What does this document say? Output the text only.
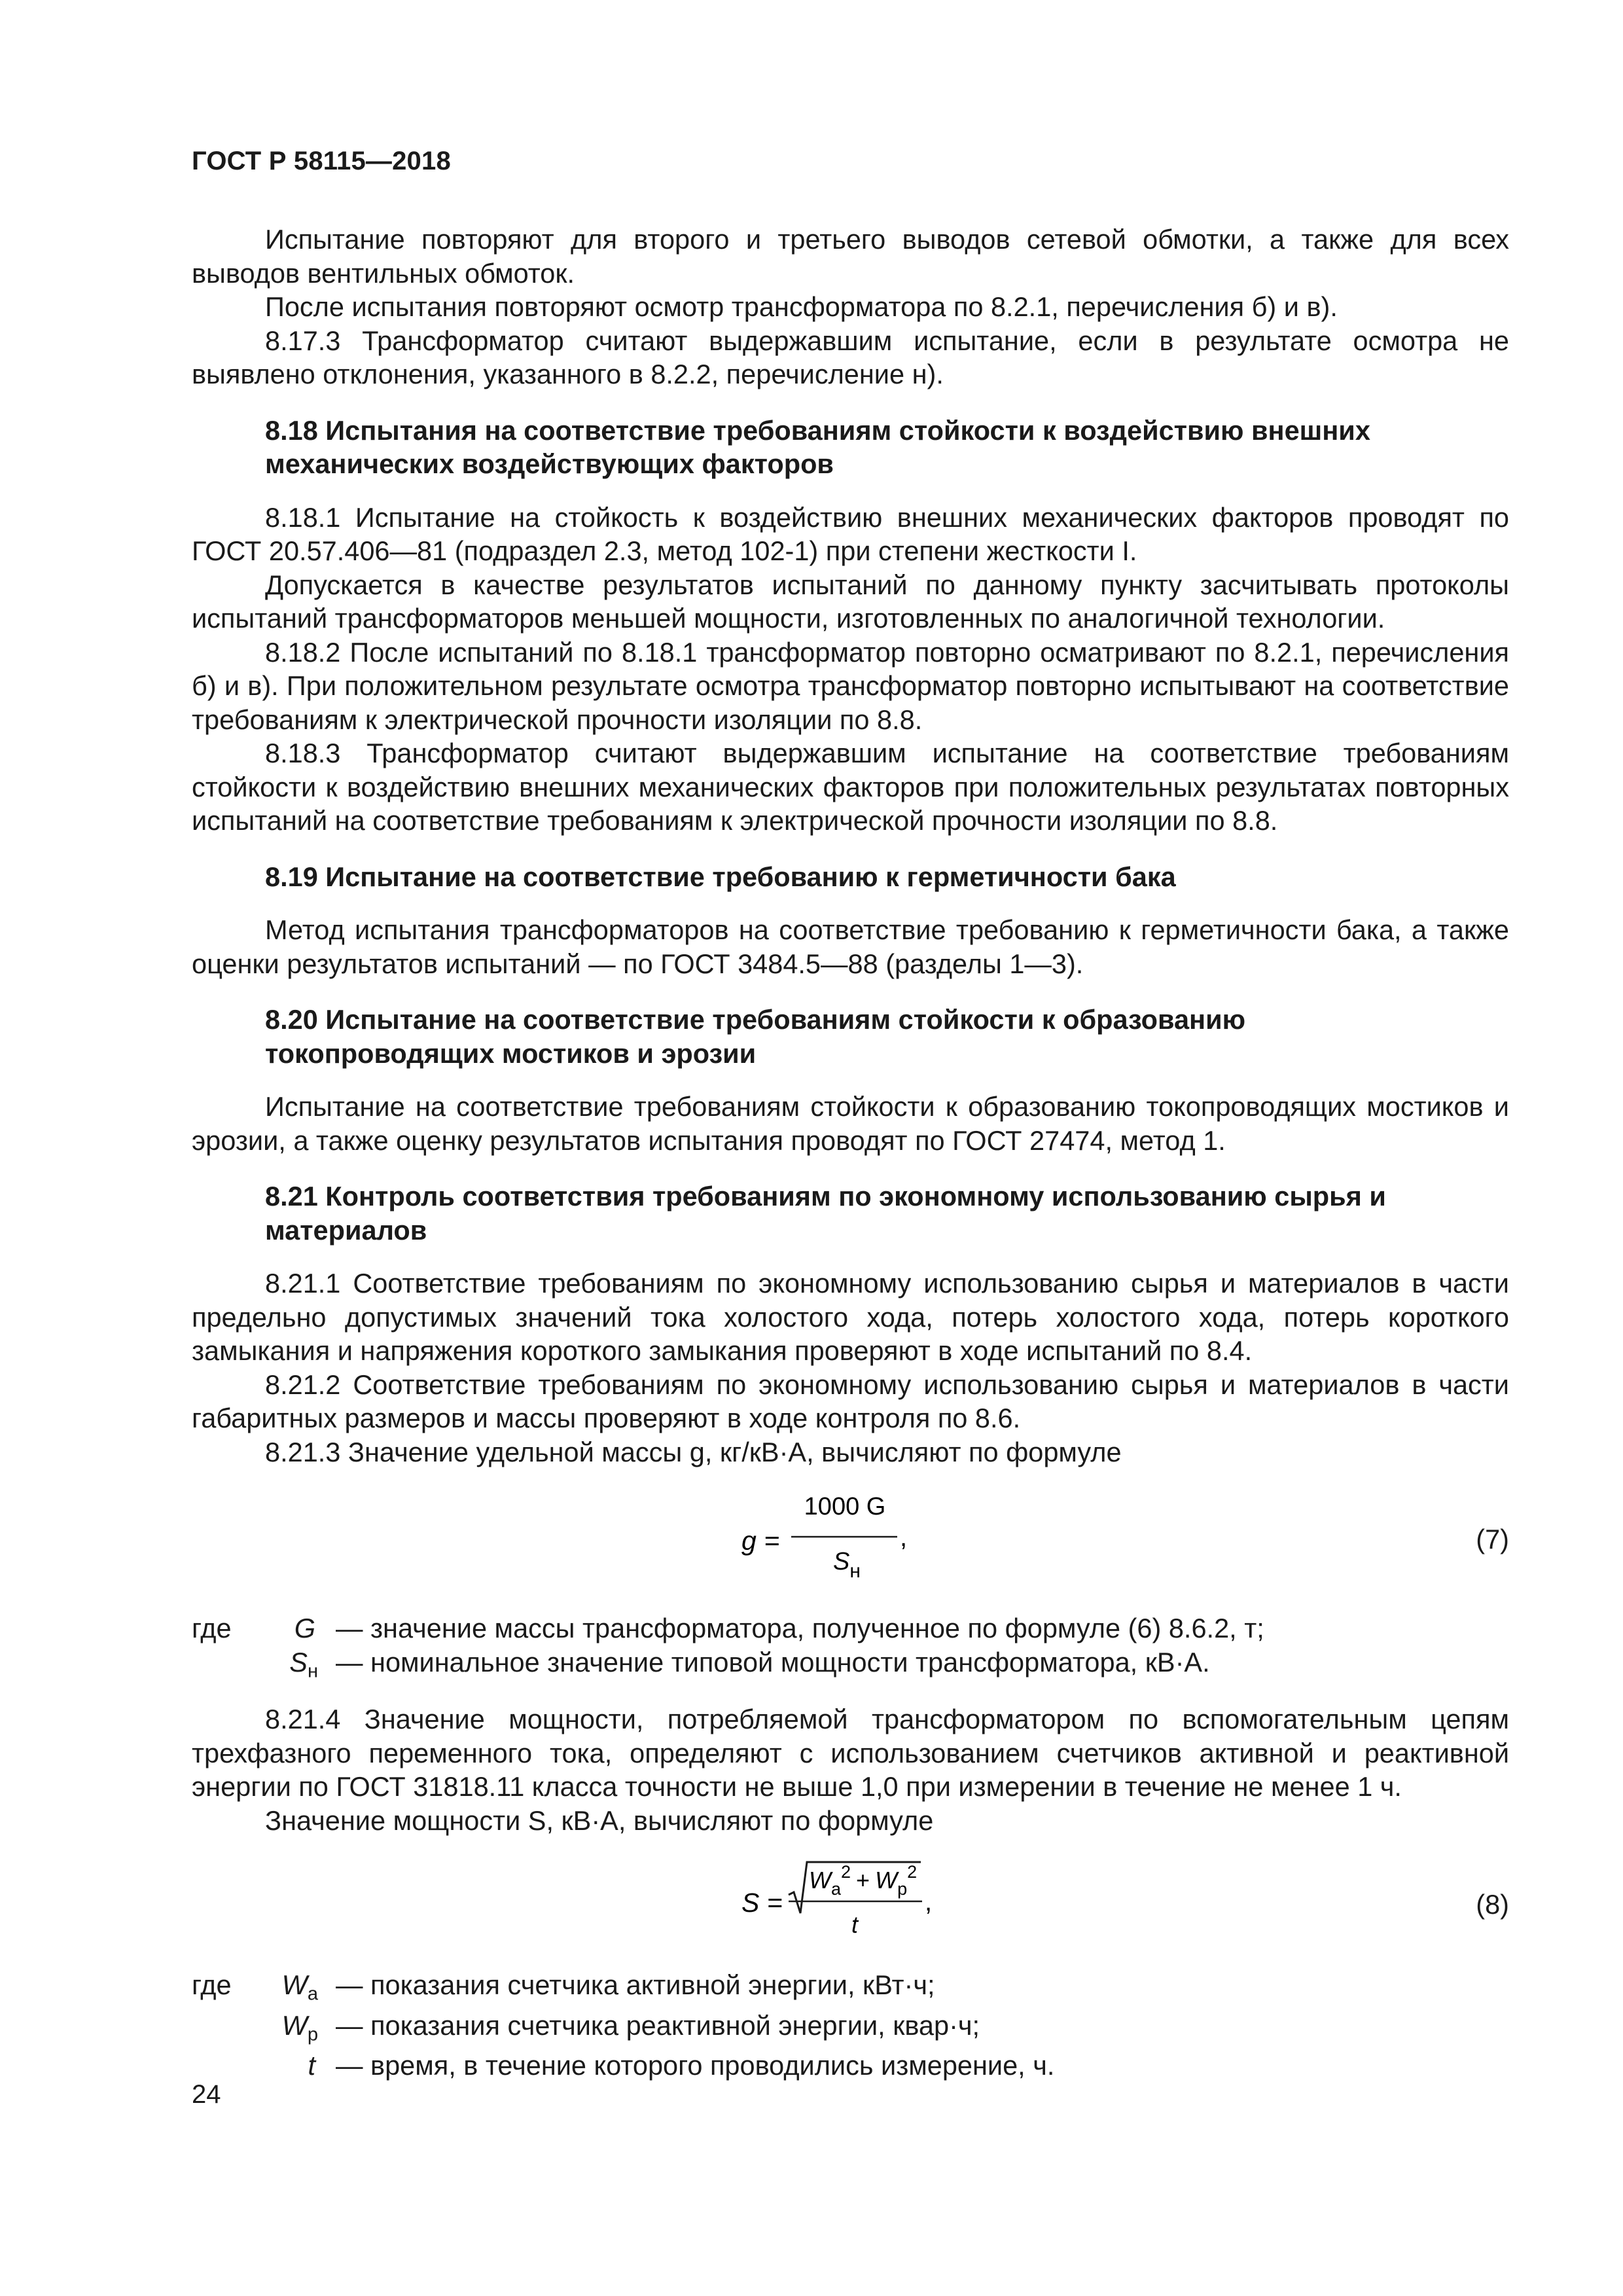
ГОСТ Р 58115—2018

Испытание повторяют для второго и третьего выводов сетевой обмотки, а также для всех выводов вентильных обмоток.

После испытания повторяют осмотр трансформатора по 8.2.1, перечисления б) и в).

8.17.3 Трансформатор считают выдержавшим испытание, если в результате осмотра не выявлено отклонения, указанного в 8.2.2, перечисление н).

8.18 Испытания на соответствие требованиям стойкости к воздействию внешних механических воздействующих факторов

8.18.1 Испытание на стойкость к воздействию внешних механических факторов проводят по ГОСТ 20.57.406—81 (подраздел 2.3, метод 102-1) при степени жесткости I.

Допускается в качестве результатов испытаний по данному пункту засчитывать протоколы испытаний трансформаторов меньшей мощности, изготовленных по аналогичной технологии.

8.18.2 После испытаний по 8.18.1 трансформатор повторно осматривают по 8.2.1, перечисления б) и в). При положительном результате осмотра трансформатор повторно испытывают на соответствие требованиям к электрической прочности изоляции по 8.8.

8.18.3 Трансформатор считают выдержавшим испытание на соответствие требованиям стойкости к воздействию внешних механических факторов при положительных результатах повторных испытаний на соответствие требованиям к электрической прочности изоляции по 8.8.

8.19 Испытание на соответствие требованию к герметичности бака

Метод испытания трансформаторов на соответствие требованию к герметичности бака, а также оценки результатов испытаний — по ГОСТ 3484.5—88 (разделы 1—3).

8.20 Испытание на соответствие требованиям стойкости к образованию токопроводящих мостиков и эрозии

Испытание на соответствие требованиям стойкости к образованию токопроводящих мостиков и эрозии, а также оценку результатов испытания проводят по ГОСТ 27474, метод 1.

8.21 Контроль соответствия требованиям по экономному использованию сырья и материалов

8.21.1 Соответствие требованиям по экономному использованию сырья и материалов в части предельно допустимых значений тока холостого хода, потерь холостого хода, потерь короткого замыкания и напряжения короткого замыкания проверяют в ходе испытаний по 8.4.

8.21.2 Соответствие требованиям по экономному использованию сырья и материалов в части габаритных размеров и массы проверяют в ходе контроля по 8.6.

8.21.3 Значение удельной массы g, кг/кВ·А, вычисляют по формуле

g =
1000 G
$S_н$
,	(7)
где G — значение массы трансформатора, полученное по формуле (6) 8.6.2, т;
$S_н$ — номинальное значение типовой мощности трансформатора, кВ·А.

8.21.4 Значение мощности, потребляемой трансформатором по вспомогательным цепям трехфазного переменного тока, определяют с использованием счетчиков активной и реактивной энергии по ГОСТ 31818.11 класса точности не выше 1,0 при измерении в течение не менее 1 ч.

Значение мощности S, кВ·А, вычисляют по формуле

S =
$W_а^2 + W_р^2$
t
,	(8)
где $W_а$ — показания счетчика активной энергии, кВт·ч;
$W_р$ — показания счетчика реактивной энергии, квар·ч;
t — время, в течение которого проводились измерение, ч.
24
